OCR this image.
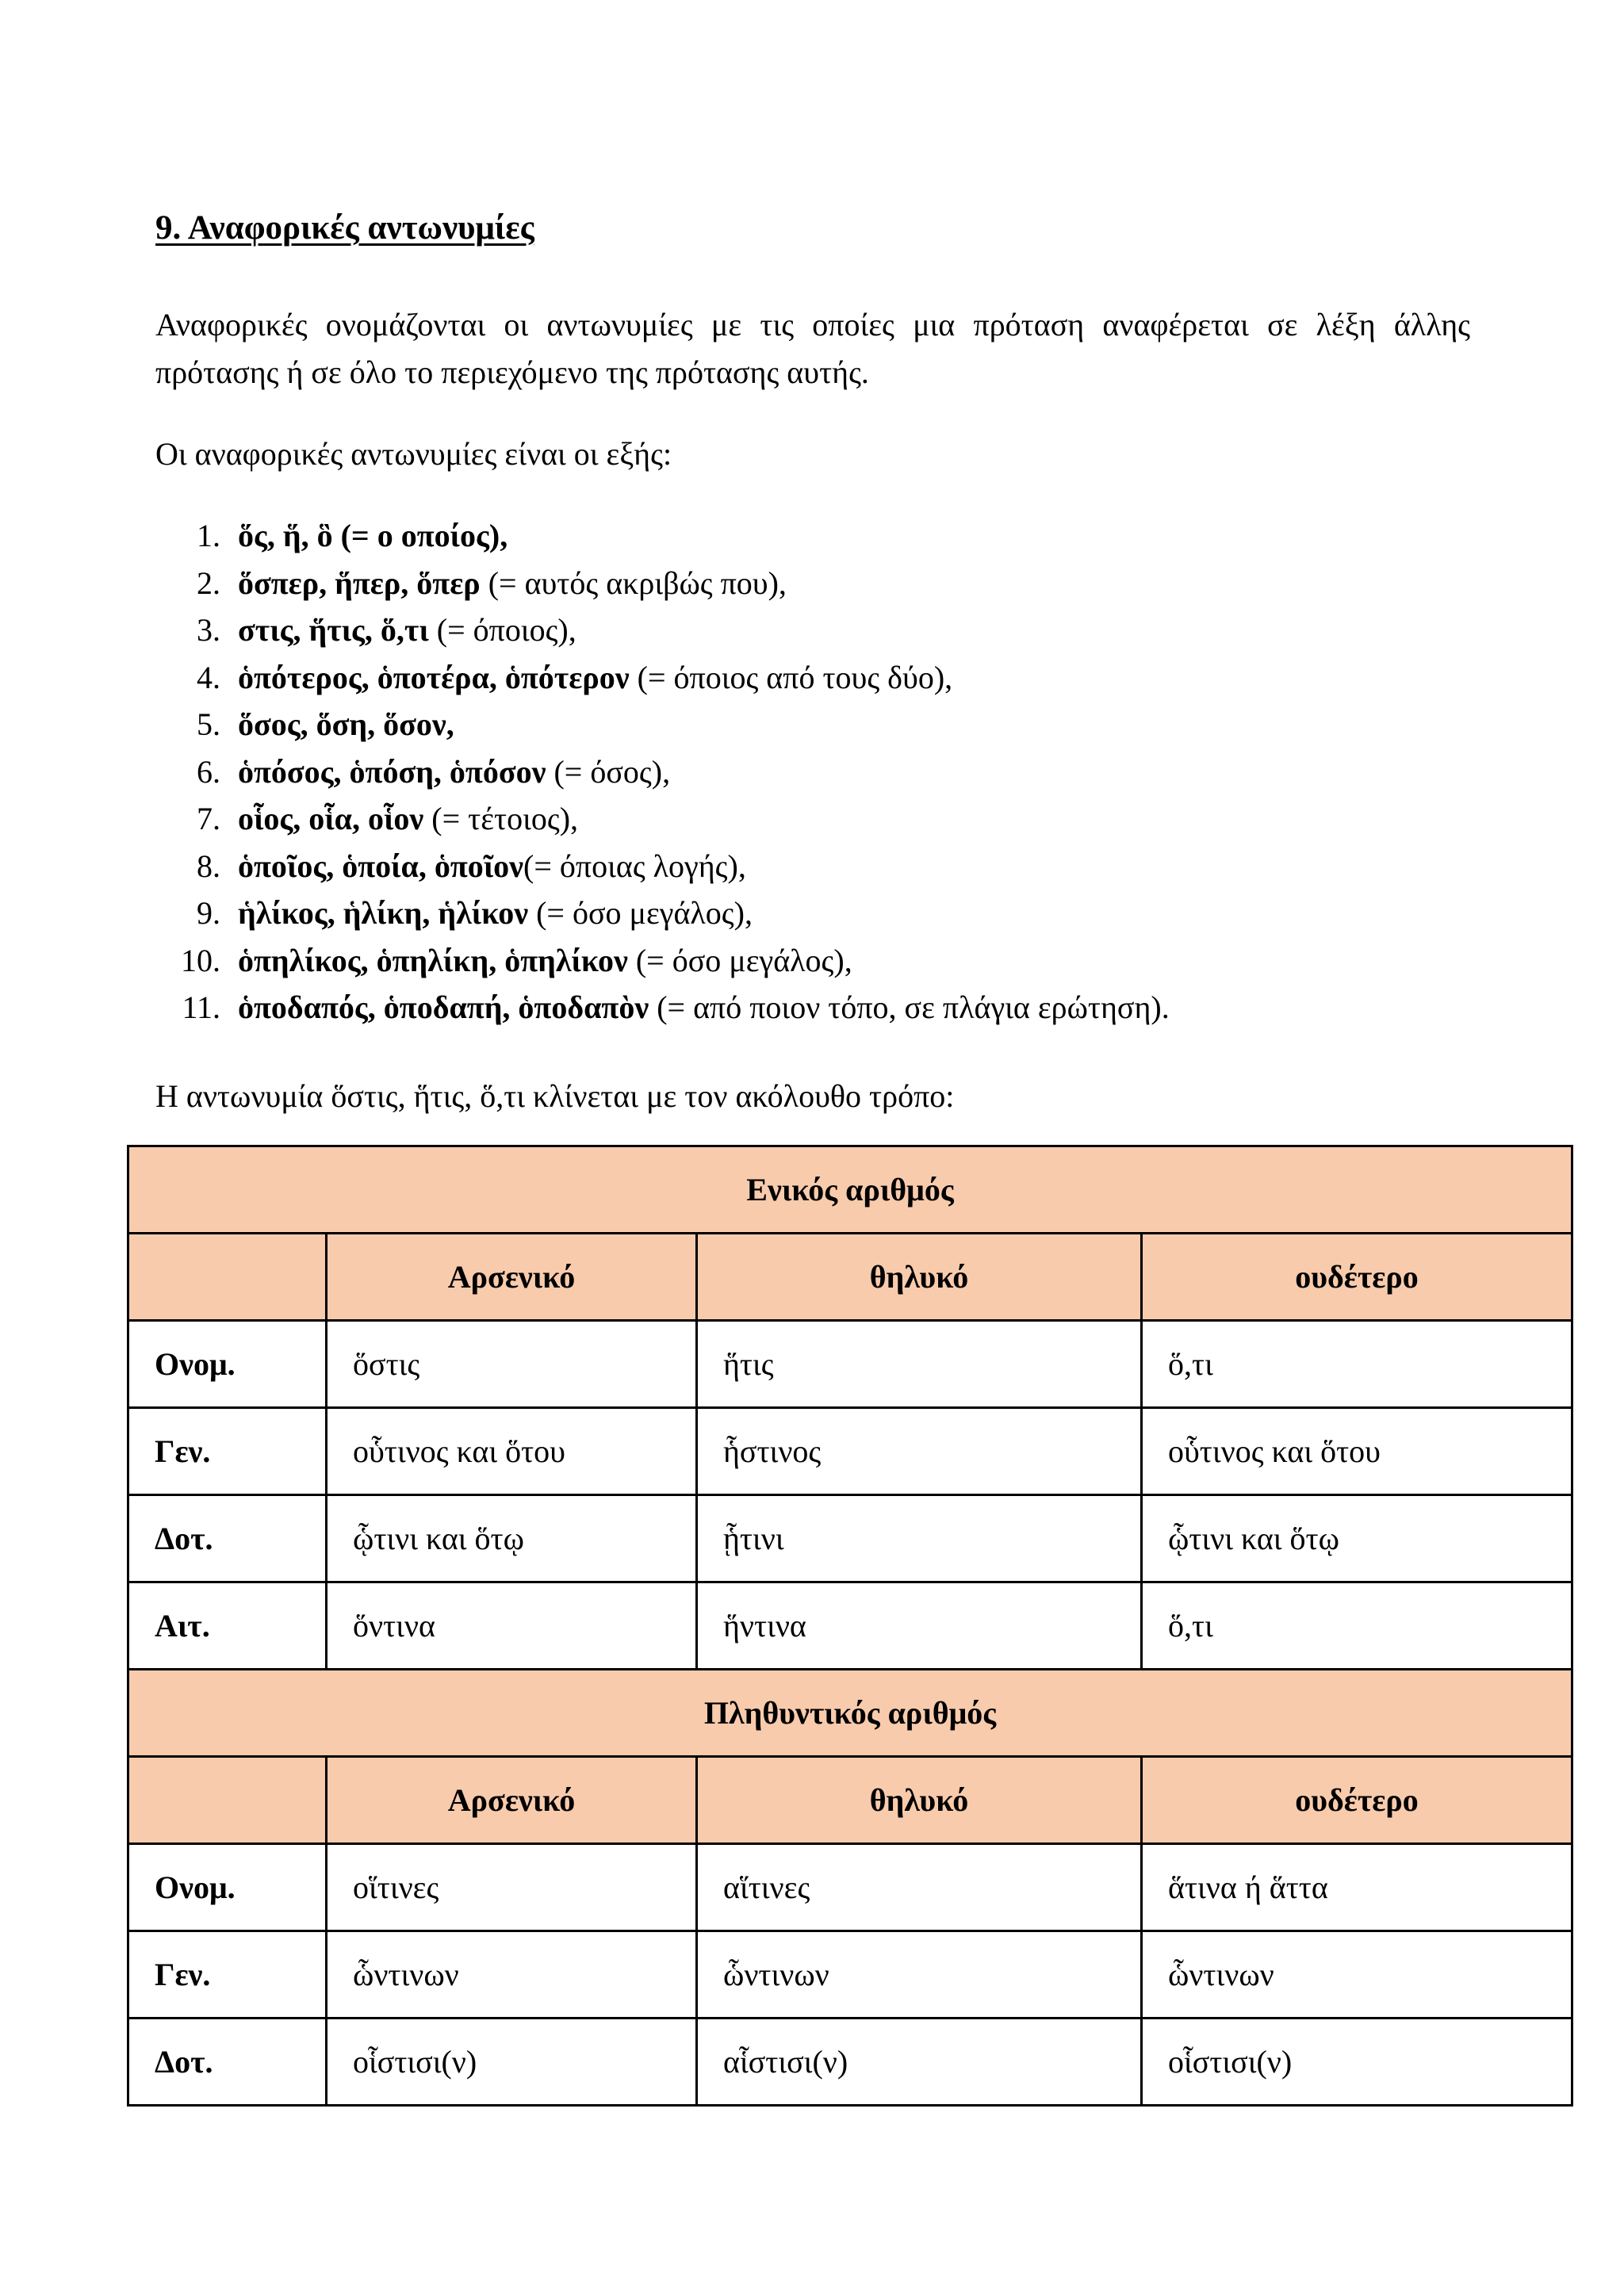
9. Αναφορικές αντωνυμίες

Αναφορικές ονομάζονται οι αντωνυμίες με τις οποίες μια πρόταση αναφέρεται σε λέξη άλλης πρότασης ή σε όλο το περιεχόμενο της πρότασης αυτής.

Οι αναφορικές αντωνυμίες είναι οι εξής:

1. ὅς, ἥ, ὃ (= ο οποίος),
2. ὅσπερ, ἥπερ, ὅπερ (= αυτός ακριβώς που),
3. στις, ἥτις, ὅ,τι (= όποιος),
4. ὁπότερος, ὁποτέρα, ὁπότερον (= όποιος από τους δύο),
5. ὅσος, ὅση, ὅσον,
6. ὁπόσος, ὁπόση, ὁπόσον (= όσος),
7. οἷος, οἷα, οἷον (= τέτοιος),
8. ὁποῖος, ὁποία, ὁποῖον(= όποιας λογής),
9. ἡλίκος, ἡλίκη, ἡλίκον (= όσο μεγάλος),
10. ὁπηλίκος, ὁπηλίκη, ὁπηλίκον (= όσο μεγάλος),
11. ὁποδαπός, ὁποδαπή, ὁποδαπὸν (= από ποιον τόπο, σε πλάγια ερώτηση).

Η αντωνυμία ὅστις, ἥτις, ὅ,τι κλίνεται με τον ακόλουθο τρόπο:

Ενικός αριθμός			
	Αρσενικό	θηλυκό	ουδέτερο
Ονομ.	ὅστις	ἥτις	ὅ,τι
Γεν.	οὗτινος και ὅτου	ἧστινος	οὗτινος και ὅτου
Δοτ.	ᾧτινι και ὅτῳ	ᾗτινι	ᾧτινι και ὅτῳ
Αιτ.	ὅντινα	ἥντινα	ὅ,τι
Πληθυντικός αριθμός			
	Αρσενικό	θηλυκό	ουδέτερο
Ονομ.	οἵτινες	αἵτινες	ἅτινα ή ἅττα
Γεν.	ὧντινων	ὧντινων	ὧντινων
Δοτ.	οἷστισι(ν)	αἷστισι(ν)	οἷστισι(ν)
